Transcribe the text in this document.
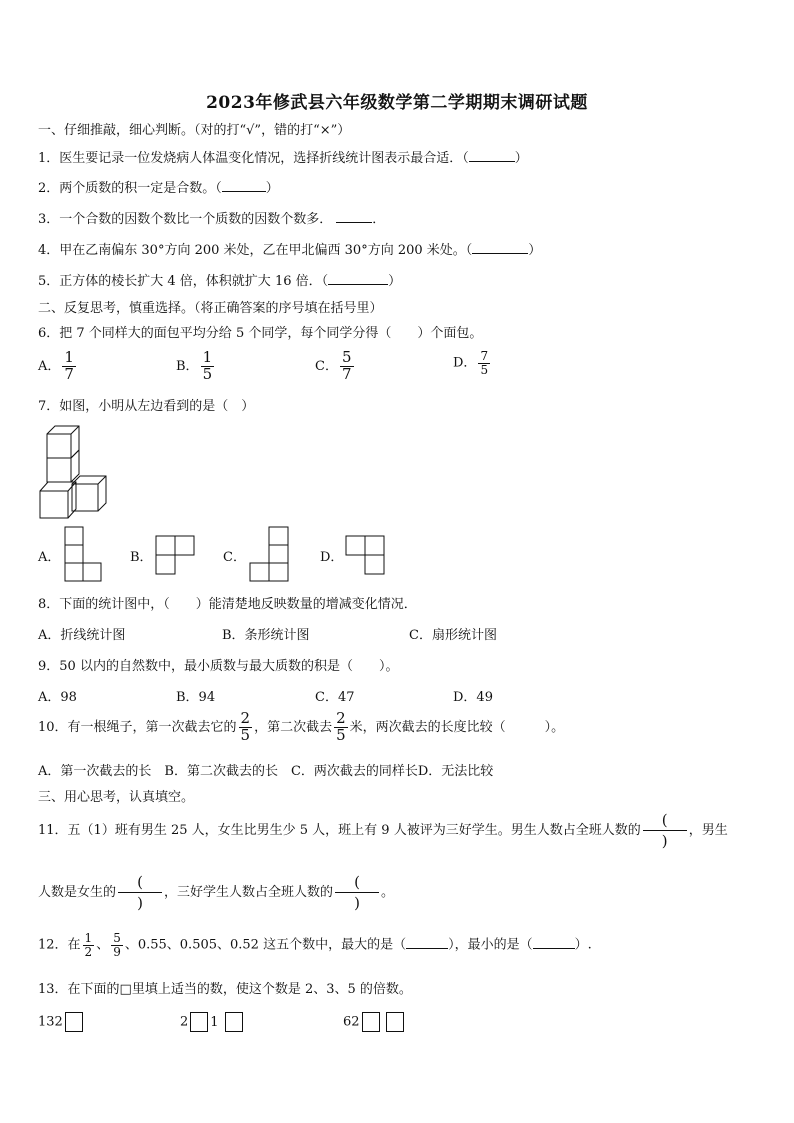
2023年修武县六年级数学第二学期期末调研试题
一、仔细推敲，细心判断。（对的打“√”，错的打“×”）
1．医生要记录一位发烧病人体温变化情况，选择折线统计图表示最合适．（	）
2．两个质数的积一定是合数。（	）
3．一个合数的因数个数比一个质数的因数个数多．	．
4．甲在乙南偏东 30°方向 200 米处，乙在甲北偏西 30°方向 200 米处。（	）
5．正方体的棱长扩大 4 倍，体积就扩大 16 倍．（	）
二、反复思考，慎重选择。（将正确答案的序号填在括号里）
6．把 7 个同样大的面包平均分给 5 个同学，每个同学分得（　　）个面包。
A． $\frac{1}{7}$	B． $\frac{1}{5}$	C． $\frac{5}{7}$	D． $\frac{7}{5}$
7．如图，小明从左边看到的是（　）
A．	B．	C．	D．
8．下面的统计图中，（　　）能清楚地反映数量的增减变化情况．
A．折线统计图	B．条形统计图	C．扇形统计图
9．50 以内的自然数中，最小质数与最大质数的积是（　　）。
A．98	B．94	C．47	D．49
10．有一根绳子，第一次截去它的 $\frac{2}{5}$ ，第二次截去 $\frac{2}{5}$ 米，两次截去的长度比较（　　　）。
A．第一次截去的长　B．第二次截去的长　C．两次截去的同样长D．无法比较
三、用心思考，认真填空。
11．五（1）班有男生 25 人，女生比男生少 5 人，班上有 9 人被评为三好学生。男生人数占全班人数的
(
)
，男生
人数是女生的
(
)
，三好学生人数占全班人数的
(
)
。
12．在 $\frac{1}{2}$ 、 $\frac{5}{9}$ 、0.55、0.505、0.52 这五个数中，最大的是（	），最小的是（	）.
13．在下面的□里填上适当的数，使这个数是 2、3、5 的倍数。
132	2 1	62
